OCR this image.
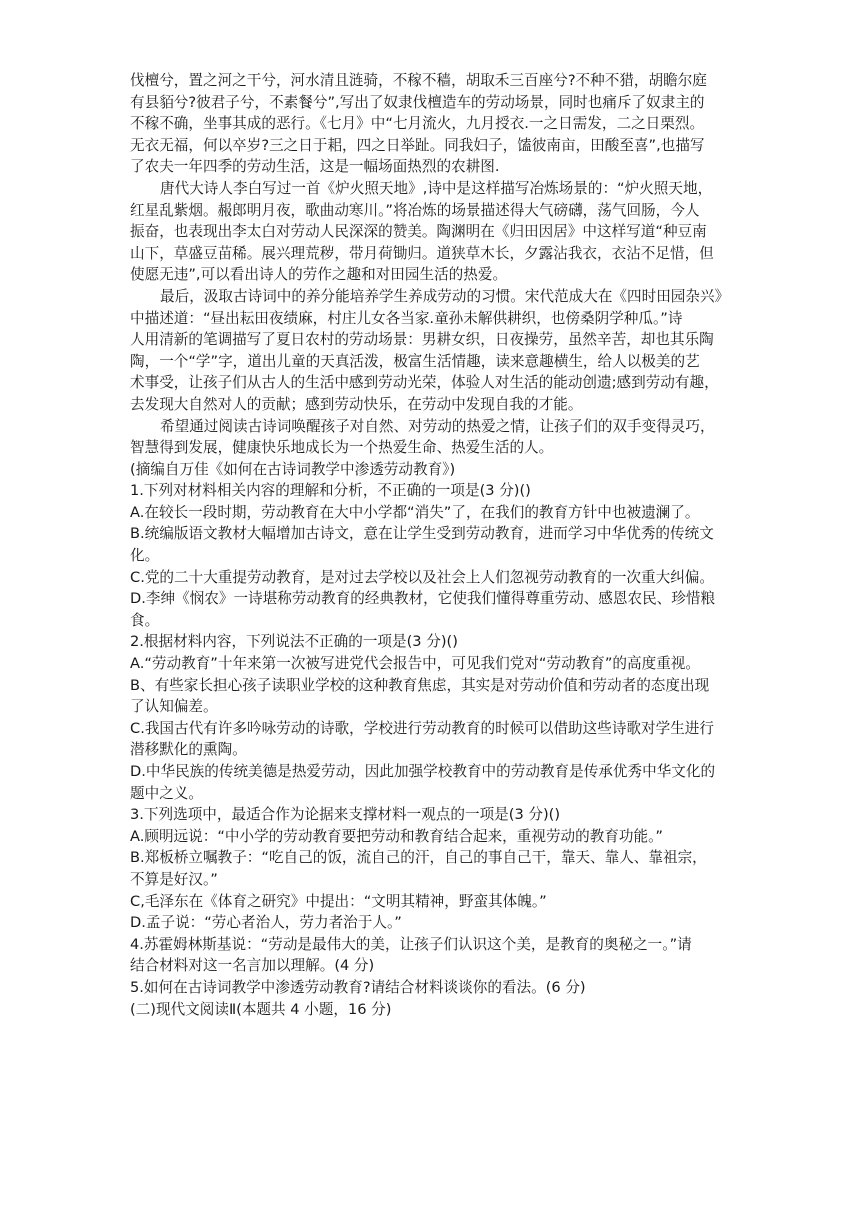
伐檀兮，置之河之干兮，河水清且涟骑，不稼不穑，胡取禾三百座兮?不种不猎，胡瞻尔庭

有县貊兮?彼君子兮，不素餐兮”,写出了奴隶伐檀造车的劳动场景，同时也痛斥了奴隶主的

不稼不确，坐事其成的恶行。《七月》中“七月流火，九月授衣.一之日需发，二之日栗烈。

无衣无福，何以卒岁?三之日于耜，四之日举趾。同我妇子，馌彼南亩，田酸至喜”,也描写

了农夫一年四季的劳动生活，这是一幅场面热烈的农耕图.

唐代大诗人李白写过一首《炉火照天地》,诗中是这样描写冶炼场景的：“炉火照天地，

红星乱紫烟。赧郎明月夜，歌曲动寒川。”将冶炼的场景描述得大气磅礴，荡气回肠，今人

振奋，也表现出李太白对劳动人民深深的赞美。陶渊明在《归田因居》中这样写道“种豆南

山下，草盛豆苗稀。展兴理荒秽，带月荷锄归。道狭草木长，夕露沾我衣，衣沾不足惜，但

使愿无违”,可以看出诗人的劳作之趣和对田园生活的热爱。

最后，汲取古诗词中的养分能培养学生养成劳动的习惯。宋代范成大在《四时田园杂兴》

中描述道：“昼出耘田夜绩麻，村庄儿女各当家.童孙未解供耕织，也傍桑阴学种瓜。”诗

人用清新的笔调描写了夏日农村的劳动场景：男耕女织，日夜操劳，虽然辛苦，却也其乐陶

陶，一个“学”字，道出儿童的天真活泼，极富生活情趣，读来意趣横生，给人以极美的艺

术事受，让孩子们从古人的生活中感到劳动光荣，体验人对生活的能动创遗;感到劳动有趣，

去发现大自然对人的贡献；感到劳动快乐，在劳动中发现自我的才能。

希望通过阅读古诗词唤醒孩子对自然、对劳动的热爱之情，让孩子们的双手变得灵巧，

智慧得到发展，健康快乐地成长为一个热爱生命、热爱生活的人。

(摘编自万佳《如何在古诗词教学中渗透劳动教育》)

1.下列对材料相关内容的理解和分析，不正确的一项是(3 分)()

A.在较长一段时期，劳动教育在大中小学都“消失”了，在我们的教育方针中也被遗澜了。

B.统编版语文教材大幅增加古诗文，意在让学生受到劳动教育，进而学习中华优秀的传统文

化。

C.党的二十大重提劳动教育，是对过去学校以及社会上人们忽视劳动教育的一次重大纠偏。

D.李绅《悯农》一诗堪称劳动教育的经典教材，它使我们懂得尊重劳动、感恩农民、珍惜粮

食。

2.根据材料内容，下列说法不正确的一项是(3 分)()

A.“劳动教育”十年来第一次被写进党代会报告中，可见我们党对“劳动教育”的高度重视。

B、有些家长担心孩子读职业学校的这种教育焦虑，其实是对劳动价值和劳动者的态度出现

了认知偏差。

C.我国古代有许多吟咏劳动的诗歌，学校进行劳动教育的时候可以借助这些诗歌对学生进行

潜移默化的熏陶。

D.中华民族的传统美德是热爱劳动，因此加强学校教育中的劳动教育是传承优秀中华文化的

题中之义。

3.下列选项中，最适合作为论据来支撑材料一观点的一项是(3 分)()

A.顾明远说：“中小学的劳动教育要把劳动和教育结合起来，重视劳动的教育功能。”

B.郑板桥立嘱教子：“吃自己的饭，流自己的汗，自己的事自己干，靠天、靠人、靠祖宗，

不算是好汉。”

C,毛泽东在《体育之研究》中提出：“文明其精神，野蛮其体魄。”

D.孟子说：“劳心者治人，劳力者治于人。”

4.苏霍姆林斯基说：“劳动是最伟大的美，让孩子们认识这个美，是教育的奥秘之一。”请

结合材料对这一名言加以理解。(4 分)

5.如何在古诗词教学中渗透劳动教育?请结合材料谈谈你的看法。(6 分)

(二)现代文阅读Ⅱ(本题共 4 小题，16 分)
